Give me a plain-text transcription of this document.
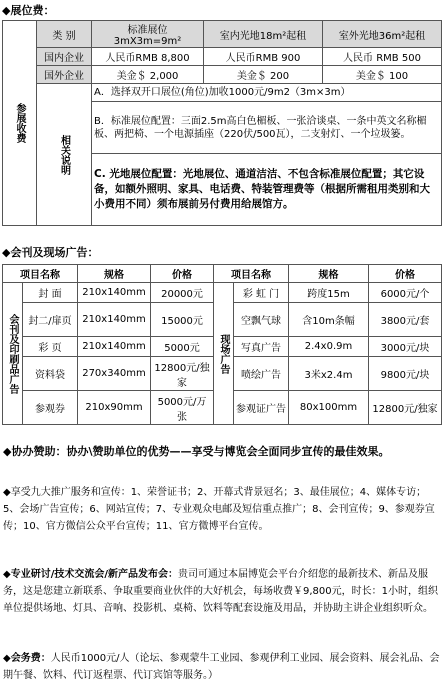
◆展位费：
参展收费	类 别	标准展位3mX3m=9m²	室内光地18m²起租	室外光地36m²起租
	国内企业	人民币RMB 8,800	人民币RMB 900	人民币 RMB 500
	国外企业	美金＄ 2,000	美金＄ 200	美金＄ 100
	相关说明	A．选择双开口展位(角位)加收1000元/9m2（3m×3m）		
		B．标准展位配置：三面2.5m高白色楣板、一张洽谈桌、一条中英文名称楣板、两把椅、一个电源插座（220伏/500瓦），二支射灯、一个垃圾篓。		
		C. 光地展位配置：光地展位、通道洁洁、不包含标准展位配置；其它设备，如额外照明、家具、电话费、特装管理费等（根据所需租用类别和大小费用不同）须布展前另付费用给展馆方。		
◆会刊及现场广告：
项目名称		规格	价格	项目名称		规格	价格
会刊及印刷品广告	封 面	210x140mm	20000元	现场广告	彩 虹 门	跨度15m	6000元/个
	封二/扉页	210x140mm	15000元		空飘气球	含10m条幅	3800元/套
	彩 页	210x140mm	5000元		写真广告	2.4x0.9m	3000元/块
	资料袋	270x340mm	12800元/独家		喷绘广告	3米x2.4m	9800元/块
	参观券	210x90mm	5000元/万张		参观证广告	80x100mm	12800元/独家
◆协办赞助：协办\赞助单位的优势——享受与博览会全面同步宣传的最佳效果。
◆享受九大推广服务和宣传：1、荣誉证书；2、开幕式背景冠名；3、最佳展位；4、媒体专访；5、会场广告宣传；6、网站宣传；7、专业观众电邮及短信重点推广；8、会刊宣传；9、参观券宣传；10、官方微信公众平台宣传；11、官方微博平台宣传。
◆专业研讨/技术交流会/新产品发布会：贵司可通过本届博览会平台介绍您的最新技术、新品及服务，这是您建立新联系、争取重要商业伙伴的大好机会，每场收费￥9,800元，时长：1小时，组织单位提供场地、灯具、音响、投影机、桌椅、饮料等配套设施及用品，并协助主讲企业组织听众。
◆会务费：人民币1000元/人（论坛、参观蒙牛工业园、参观伊利工业园、展会资料、展会礼品、会期午餐、饮料、代订返程票、代订宾馆等服务。）
